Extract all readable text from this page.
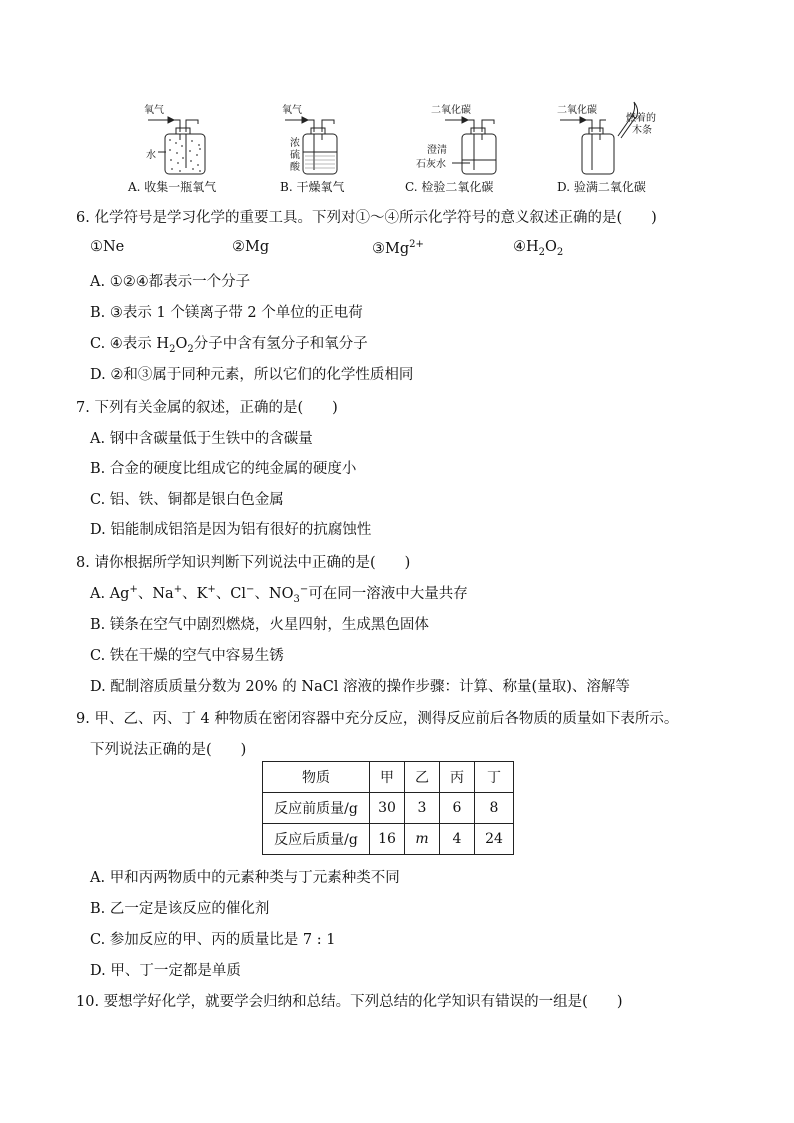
氧气
水
氧气
浓
硫
酸
二氧化碳
澄清
石灰水
二氧化碳
燃着的
木条
A. 收集一瓶氧气	B. 干燥氧气	C. 检验二氧化碳	D. 验满二氧化碳
6. 化学符号是学习化学的重要工具。下列对①～④所示化学符号的意义叙述正确的是(　　)
①Ne	②Mg	$③Mg^{2+}$	$④H_2O_2$
A. ①②④都表示一个分子
B. ③表示 1 个镁离子带 2 个单位的正电荷
C. ④表示 $H_2O_2$分子中含有氢分子和氧分子
D. ②和③属于同种元素，所以它们的化学性质相同
7. 下列有关金属的叙述，正确的是(　　)
A. 钢中含碳量低于生铁中的含碳量
B. 合金的硬度比组成它的纯金属的硬度小
C. 铝、铁、铜都是银白色金属
D. 铝能制成铝箔是因为铝有很好的抗腐蚀性
8. 请你根据所学知识判断下列说法中正确的是(　　)
A. Ag+、Na+、K+、Cl−、$NO_3^-$可在同一溶液中大量共存
B. 镁条在空气中剧烈燃烧，火星四射，生成黑色固体
C. 铁在干燥的空气中容易生锈
D. 配制溶质质量分数为 20% 的 NaCl 溶液的操作步骤：计算、称量(量取)、溶解等
9. 甲、乙、丙、丁 4 种物质在密闭容器中充分反应，测得反应前后各物质的质量如下表所示。
下列说法正确的是(　　)
物质	甲	乙	丙	丁
反应前质量/g	30	3	6	8
反应后质量/g	16	m	4	24
A. 甲和丙两物质中的元素种类与丁元素种类不同
B. 乙一定是该反应的催化剂
C. 参加反应的甲、丙的质量比是 7 : 1
D. 甲、丁一定都是单质
10. 要想学好化学，就要学会归纳和总结。下列总结的化学知识有错误的一组是(　　)
